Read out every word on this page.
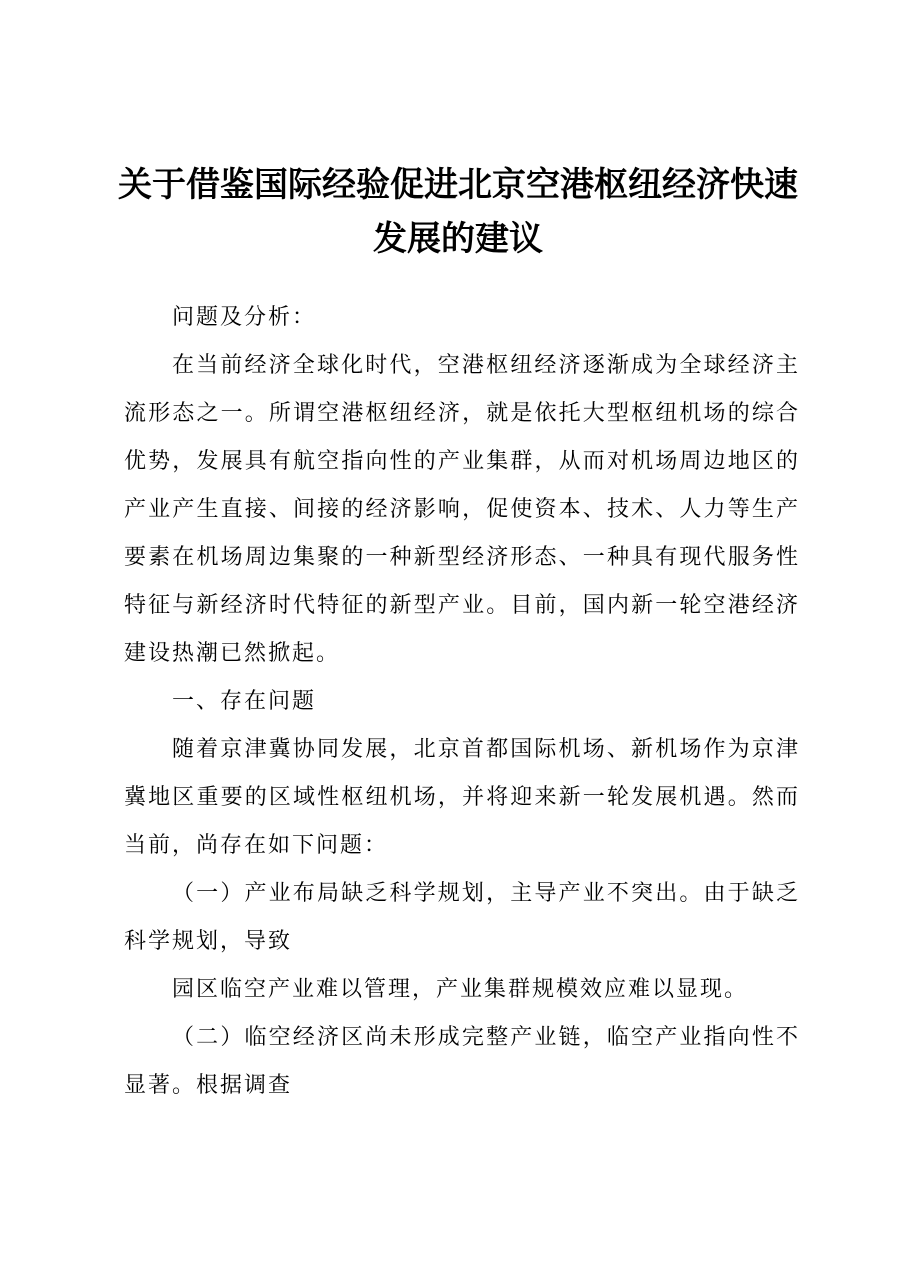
关于借鉴国际经验促进北京空港枢纽经济快速
发展的建议

问题及分析：

在当前经济全球化时代，空港枢纽经济逐渐成为全球经济主流形态之一。所谓空港枢纽经济，就是依托大型枢纽机场的综合优势，发展具有航空指向性的产业集群，从而对机场周边地区的产业产生直接、间接的经济影响，促使资本、技术、人力等生产要素在机场周边集聚的一种新型经济形态、一种具有现代服务性特征与新经济时代特征的新型产业。目前，国内新一轮空港经济建设热潮已然掀起。

一、存在问题

随着京津冀协同发展，北京首都国际机场、新机场作为京津冀地区重要的区域性枢纽机场，并将迎来新一轮发展机遇。然而当前，尚存在如下问题：

（一）产业布局缺乏科学规划，主导产业不突出。由于缺乏科学规划，导致

园区临空产业难以管理，产业集群规模效应难以显现。

（二）临空经济区尚未形成完整产业链，临空产业指向性不显著。根据调查
